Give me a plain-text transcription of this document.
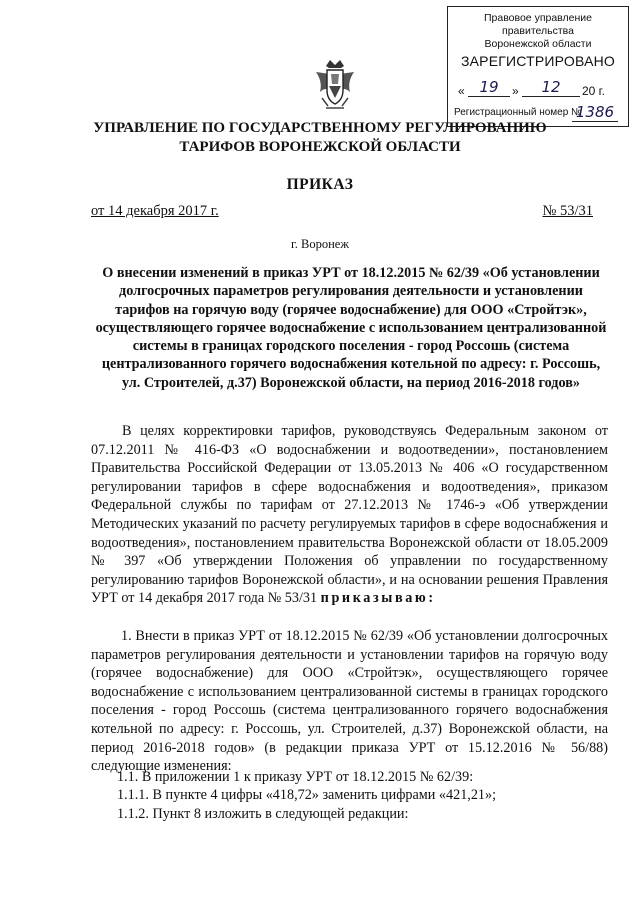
Правовое управление правительства
Воронежской области
ЗАРЕГИСТРИРОВАНО
« 19	»	12	20 г.
Регистрационный номер №
1386
УПРАВЛЕНИЕ ПО ГОСУДАРСТВЕННОМУ РЕГУЛИРОВАНИЮ
ТАРИФОВ ВОРОНЕЖСКОЙ ОБЛАСТИ
ПРИКАЗ
от 14 декабря 2017 г.	№ 53/31
г. Воронеж
О внесении изменений в приказ УРТ от 18.12.2015 № 62/39 «Об установлении долгосрочных параметров регулирования деятельности и установлении тарифов на горячую воду (горячее водоснабжение) для ООО «Стройтэк», осуществляющего горячее водоснабжение с использованием централизованной системы в границах городского поселения - город Россошь (система централизованного горячего водоснабжения котельной по адресу: г. Россошь, ул. Строителей, д.37) Воронежской области, на период 2016-2018 годов»
В целях корректировки тарифов, руководствуясь Федеральным законом от 07.12.2011 № 416-ФЗ «О водоснабжении и водоотведении», постановлением Правительства Российской Федерации от 13.05.2013 № 406 «О государственном регулировании тарифов в сфере водоснабжения и водоотведения», приказом Федеральной службы по тарифам от 27.12.2013 № 1746-э «Об утверждении Методических указаний по расчету регулируемых тарифов в сфере водоснабжения и водоотведения», постановлением правительства Воронежской области от 18.05.2009 № 397 «Об утверждении Положения об управлении по государственному регулированию тарифов Воронежской области», и на основании решения Правления УРТ от 14 декабря 2017 года № 53/31 приказываю:
1. Внести в приказ УРТ от 18.12.2015 № 62/39 «Об установлении долгосрочных параметров регулирования деятельности и установлении тарифов на горячую воду (горячее водоснабжение) для ООО «Стройтэк», осуществляющего горячее водоснабжение с использованием централизованной системы в границах городского поселения - город Россошь (система централизованного горячего водоснабжения котельной по адресу: г. Россошь, ул. Строителей, д.37) Воронежской области, на период 2016-2018 годов» (в редакции приказа УРТ от 15.12.2016 № 56/88) следующие изменения:
1.1. В приложении 1 к приказу УРТ от 18.12.2015 № 62/39:
1.1.1. В пункте 4 цифры «418,72» заменить цифрами «421,21»;
1.1.2. Пункт 8 изложить в следующей редакции:
